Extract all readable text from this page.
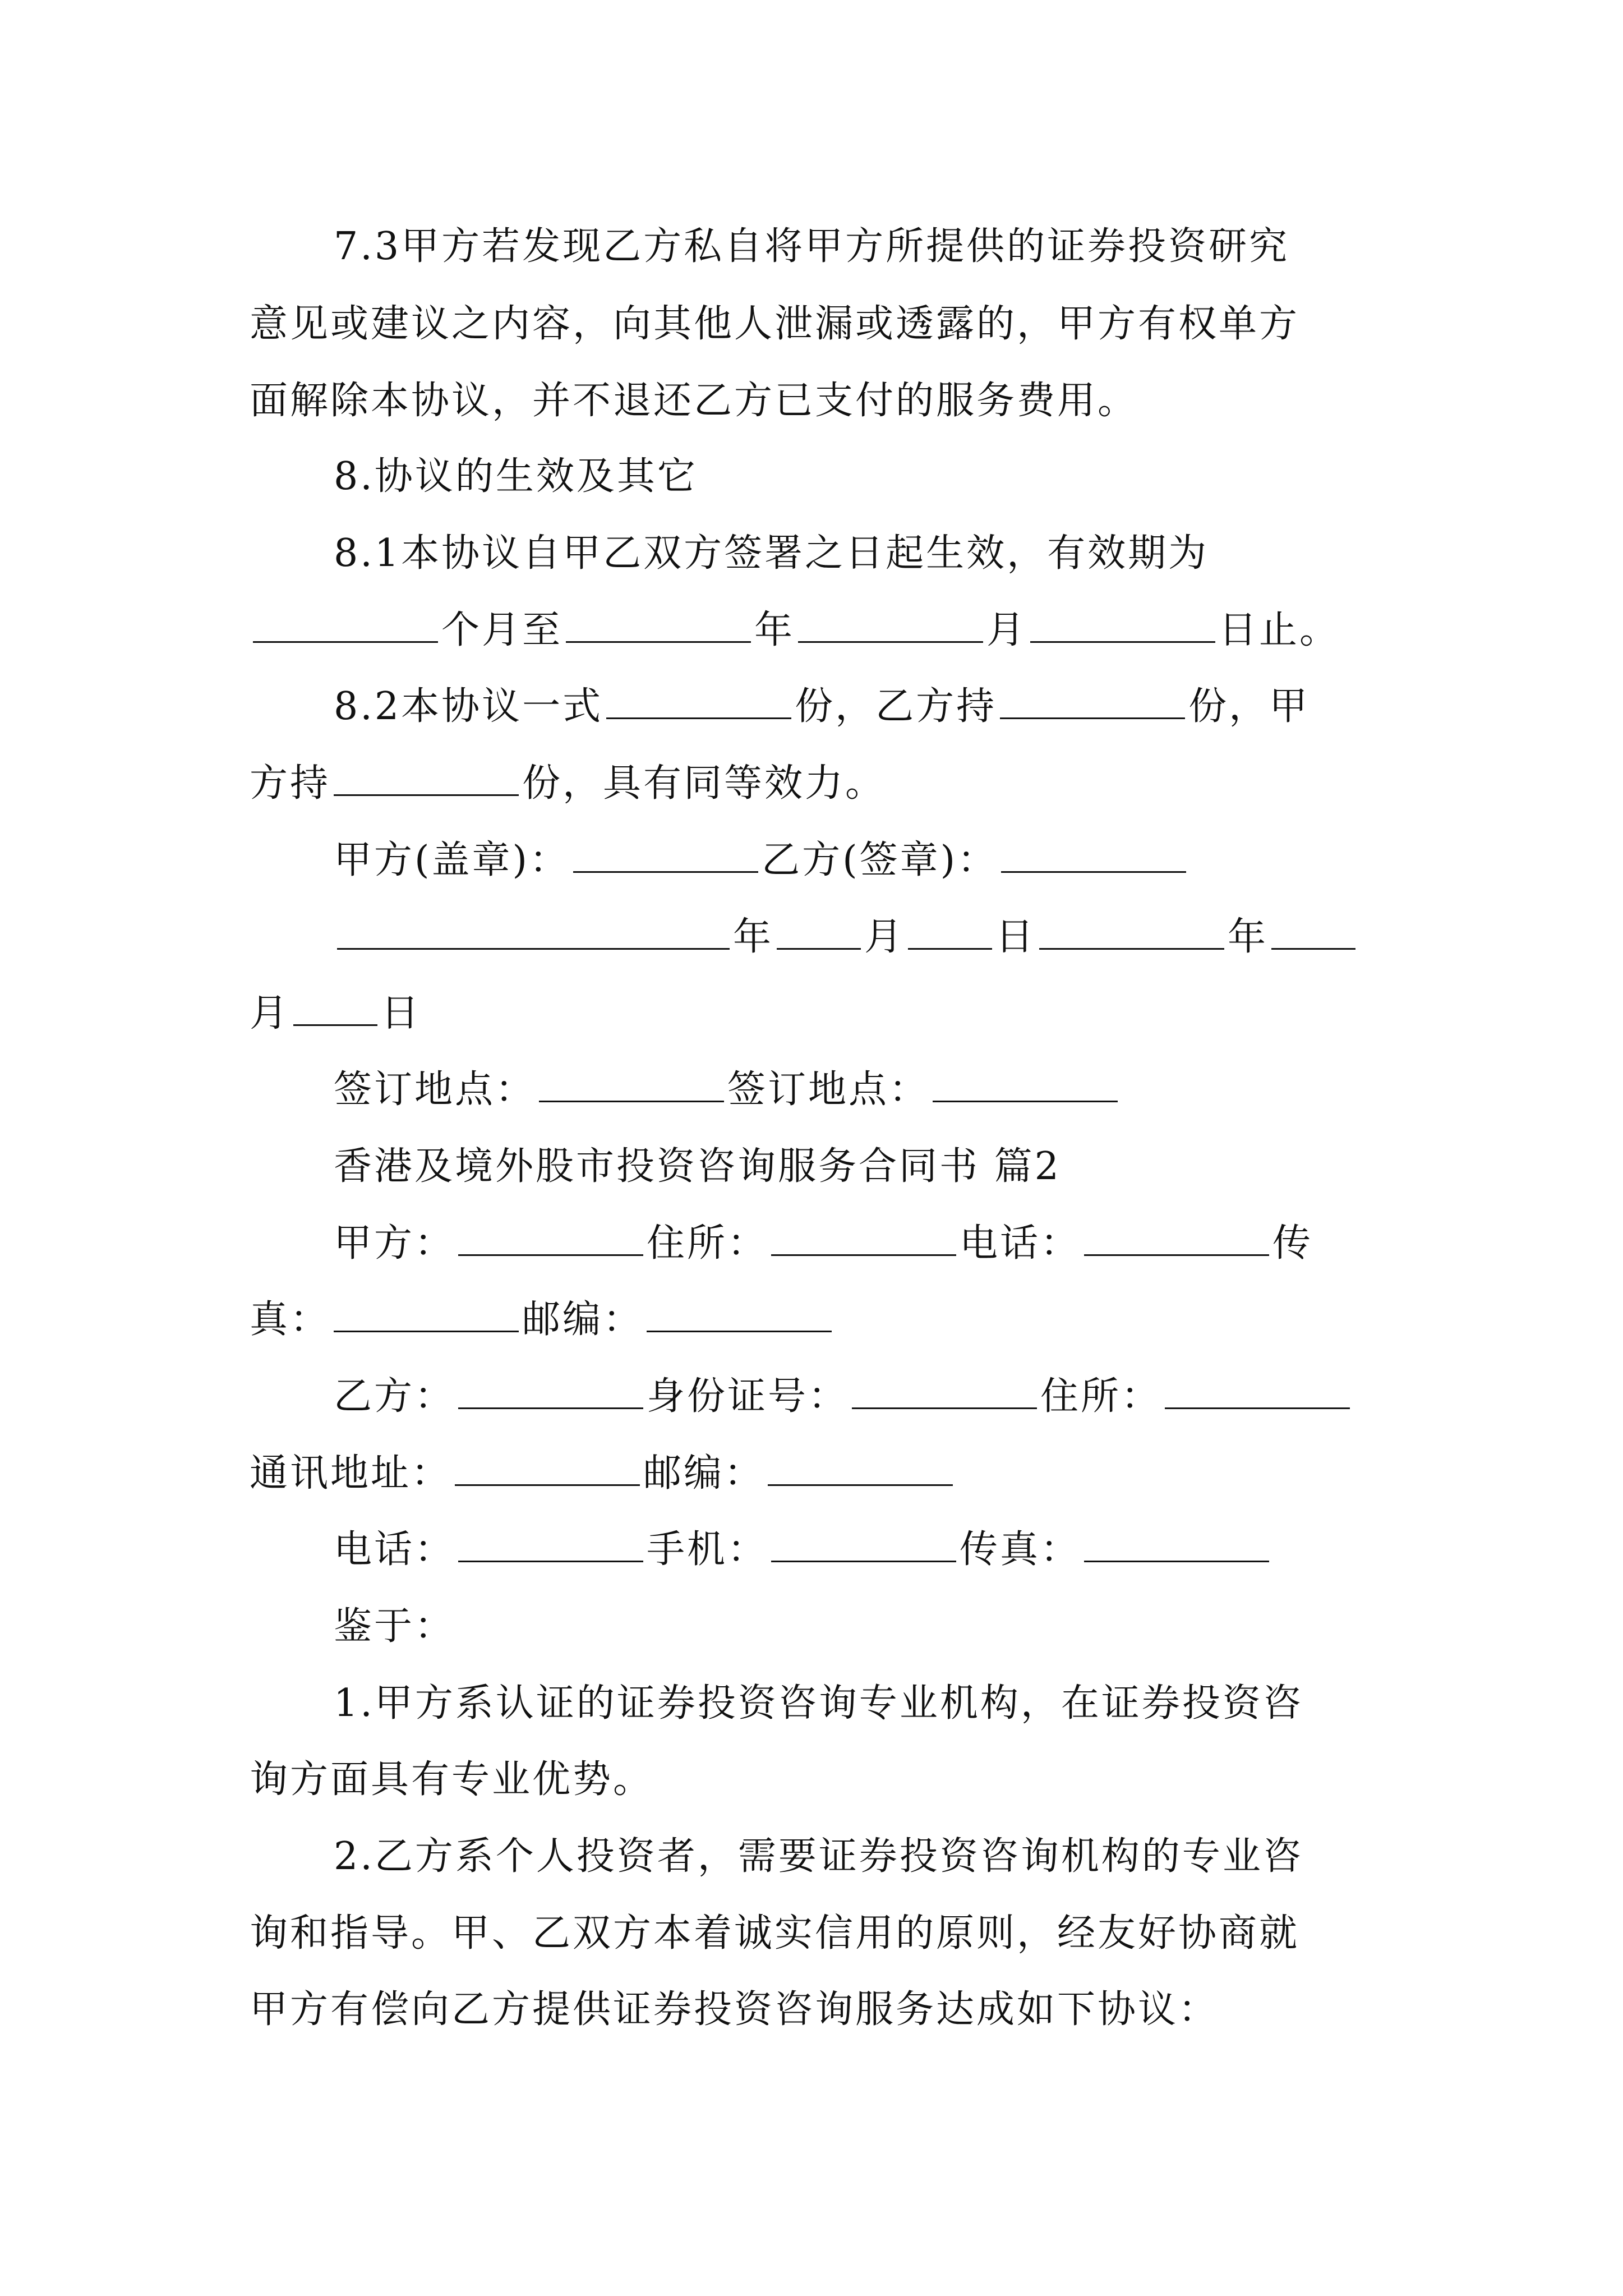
7.3甲方若发现乙方私自将甲方所提供的证券投资研究
意见或建议之内容，向其他人泄漏或透露的，甲方有权单方
面解除本协议，并不退还乙方已支付的服务费用。
8.协议的生效及其它
8.1本协议自甲乙双方签署之日起生效，有效期为
个月至	年	月	日止。
8.2本协议一式	份，乙方持	份，甲
方持	份，具有同等效力。
甲方(盖章)：	乙方(签章)：
年 月 日	年
月 日
签订地点：	签订地点：
香港及境外股市投资咨询服务合同书 篇2
甲方：	住所：	电话：	传
真：	邮编：
乙方：	身份证号：	住所：
通讯地址：	邮编：
电话：	手机：	传真：
鉴于：
1.甲方系认证的证券投资咨询专业机构，在证券投资咨
询方面具有专业优势。
2.乙方系个人投资者，需要证券投资咨询机构的专业咨
询和指导。甲、乙双方本着诚实信用的原则，经友好协商就
甲方有偿向乙方提供证券投资咨询服务达成如下协议：
